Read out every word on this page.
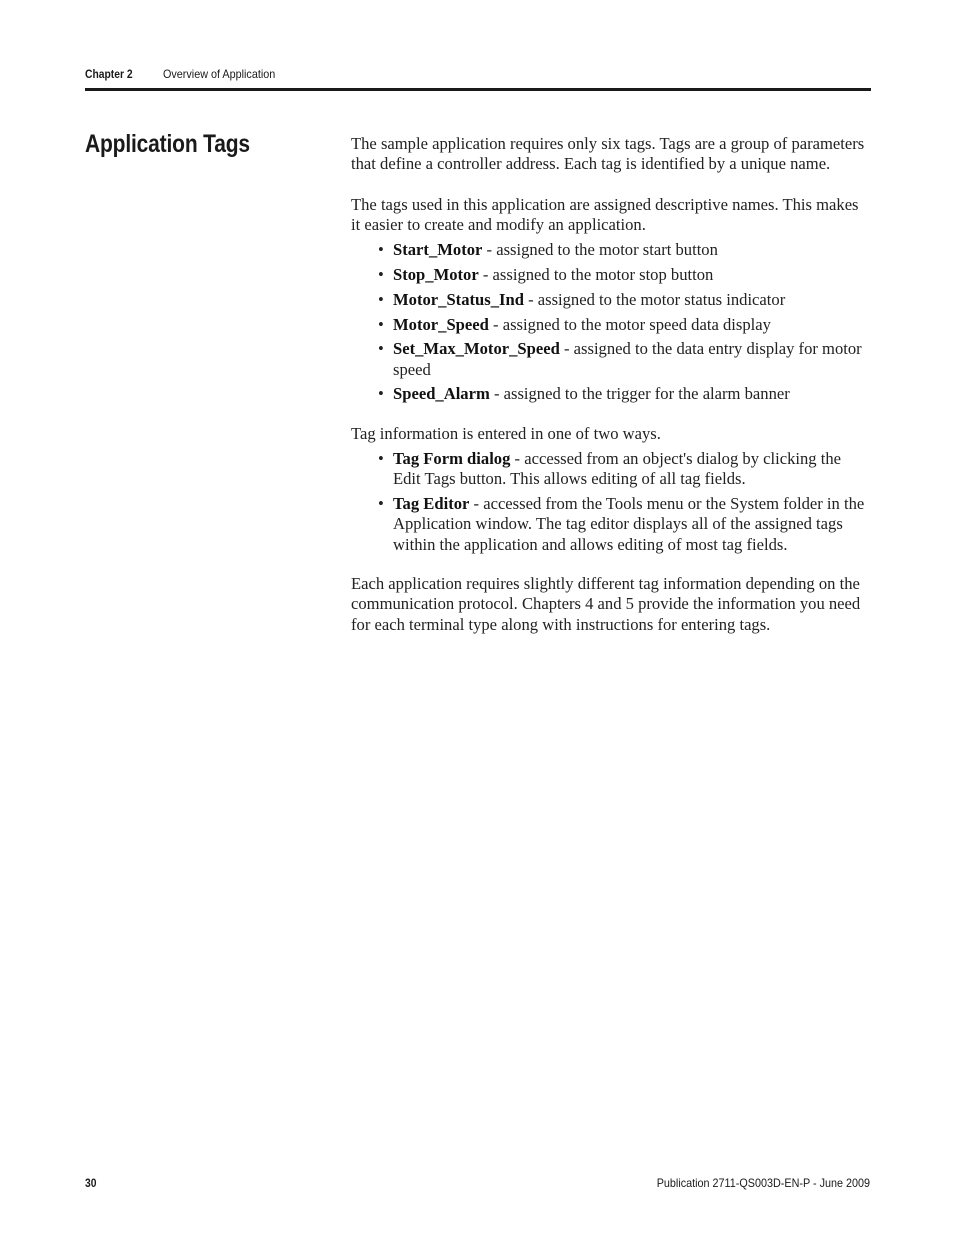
Chapter 2	Overview of Application
Application Tags	The sample application requires only six tags. Tags are a group of parameters that define a controller address. Each tag is identified by a unique name.

The tags used in this application are assigned descriptive names. This makes it easier to create and modify an application.

• Start_Motor - assigned to the motor start button
• Stop_Motor - assigned to the motor stop button
• Motor_Status_Ind - assigned to the motor status indicator
• Motor_Speed - assigned to the motor speed data display
• Set_Max_Motor_Speed - assigned to the data entry display for motor speed
• Speed_Alarm - assigned to the trigger for the alarm banner

Tag information is entered in one of two ways.

• Tag Form dialog - accessed from an object's dialog by clicking the Edit Tags button. This allows editing of all tag fields.
• Tag Editor - accessed from the Tools menu or the System folder in the Application window. The tag editor displays all of the assigned tags within the application and allows editing of most tag fields.

Each application requires slightly different tag information depending on the communication protocol. Chapters 4 and 5 provide the information you need for each terminal type along with instructions for entering tags.

30	Publication 2711-QS003D-EN-P - June 2009
